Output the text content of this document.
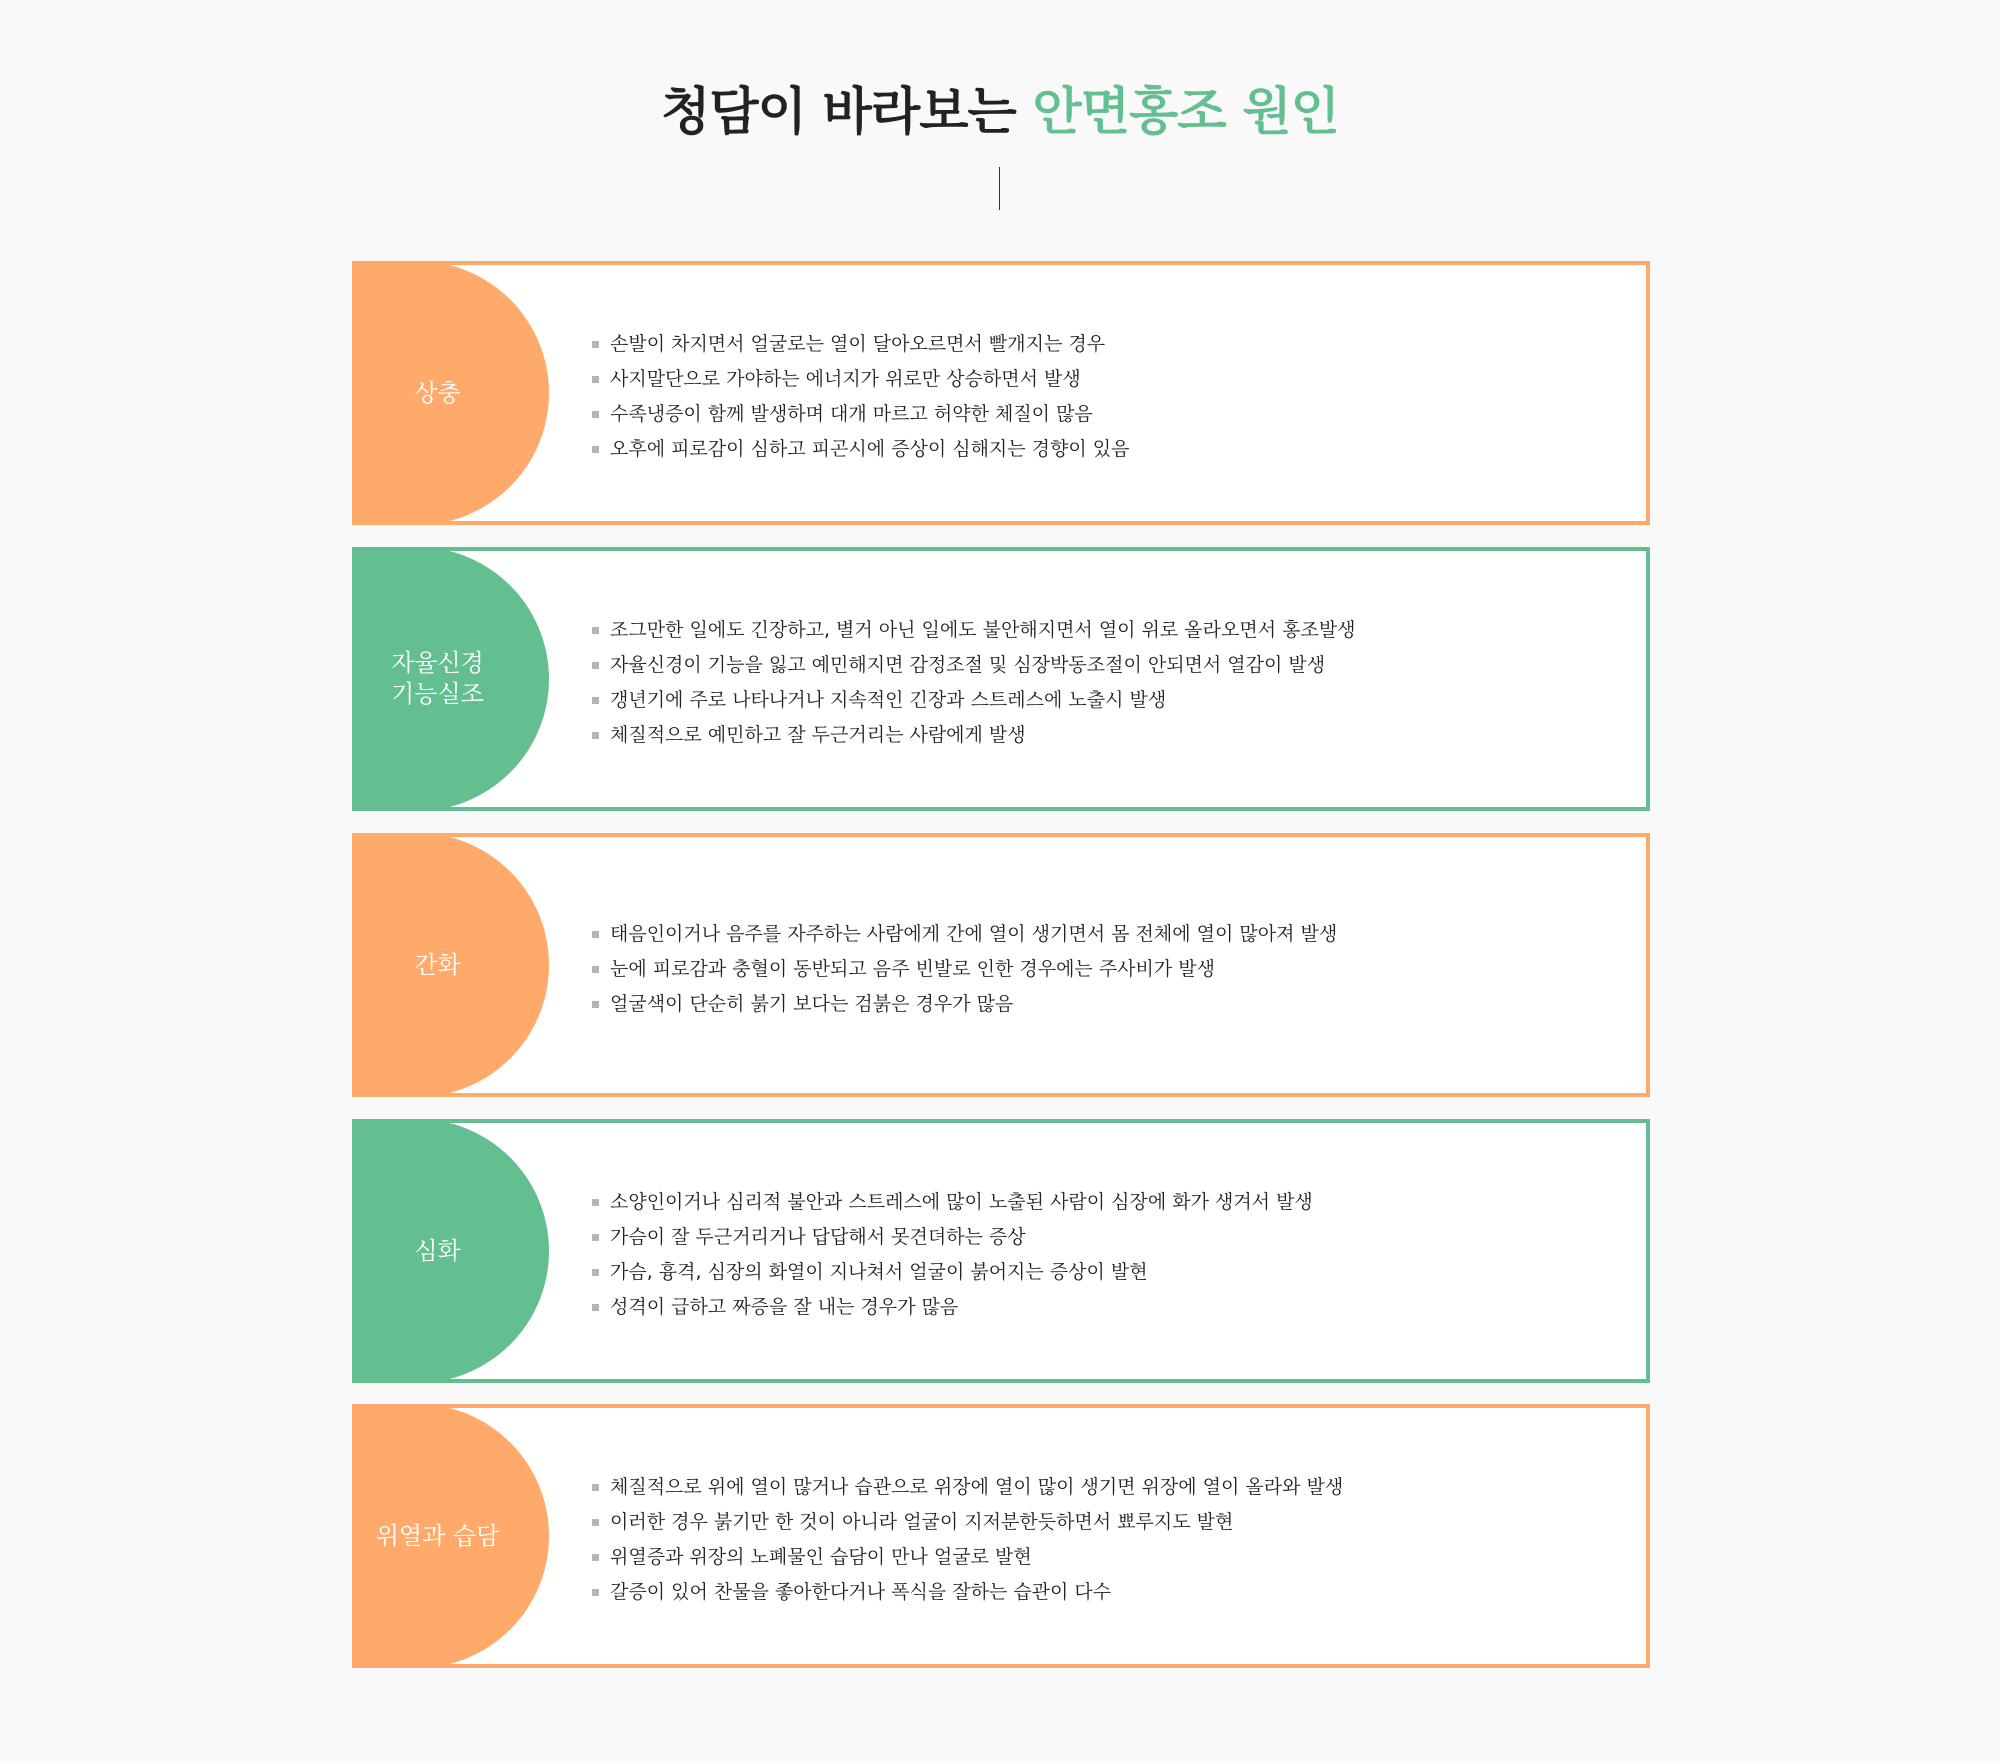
청담이 바라보는 안면홍조 원인
상충
손발이 차지면서 얼굴로는 열이 달아오르면서 빨개지는 경우
사지말단으로 가야하는 에너지가 위로만 상승하면서 발생
수족냉증이 함께 발생하며 대개 마르고 허약한 체질이 많음
오후에 피로감이 심하고 피곤시에 증상이 심해지는 경향이 있음
자율신경
기능실조
조그만한 일에도 긴장하고, 별거 아닌 일에도 불안해지면서 열이 위로 올라오면서 홍조발생
자율신경이 기능을 잃고 예민해지면 감정조절 및 심장박동조절이 안되면서 열감이 발생
갱년기에 주로 나타나거나 지속적인 긴장과 스트레스에 노출시 발생
체질적으로 예민하고 잘 두근거리는 사람에게 발생
간화
태음인이거나 음주를 자주하는 사람에게 간에 열이 생기면서 몸 전체에 열이 많아져 발생
눈에 피로감과 충혈이 동반되고 음주 빈발로 인한 경우에는 주사비가 발생
얼굴색이 단순히 붉기 보다는 검붉은 경우가 많음
심화
소양인이거나 심리적 불안과 스트레스에 많이 노출된 사람이 심장에 화가 생겨서 발생
가슴이 잘 두근거리거나 답답해서 못견뎌하는 증상
가슴, 흉격, 심장의 화열이 지나쳐서 얼굴이 붉어지는 증상이 발현
성격이 급하고 짜증을 잘 내는 경우가 많음
위열과 습담
체질적으로 위에 열이 많거나 습관으로 위장에 열이 많이 생기면 위장에 열이 올라와 발생
이러한 경우 붉기만 한 것이 아니라 얼굴이 지저분한듯하면서 뾰루지도 발현
위열증과 위장의 노폐물인 습담이 만나 얼굴로 발현
갈증이 있어 찬물을 좋아한다거나 폭식을 잘하는 습관이 다수
